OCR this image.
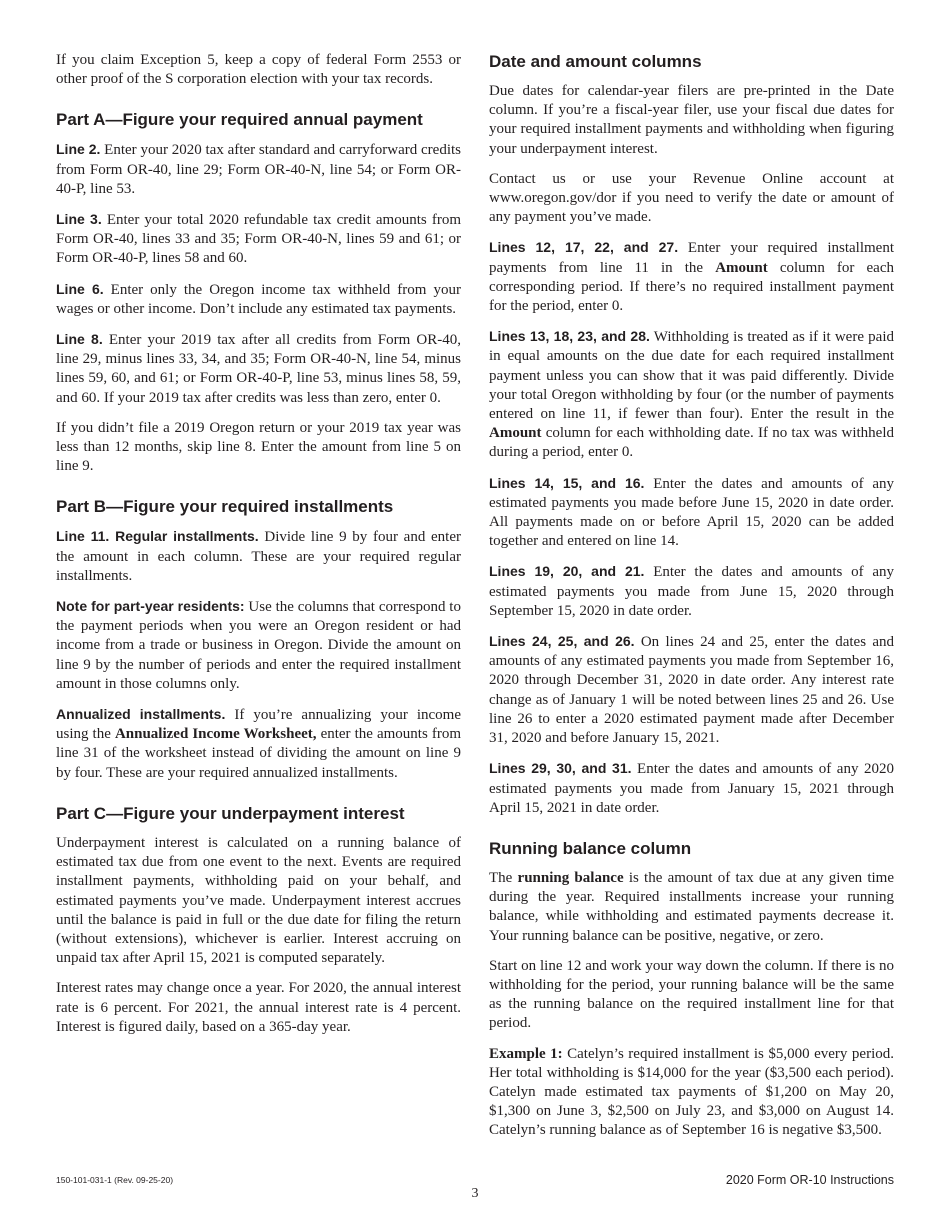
If you claim Exception 5, keep a copy of federal Form 2553 or other proof of the S corporation election with your tax records.

Part A—Figure your required annual payment

Line 2. Enter your 2020 tax after standard and carryforward credits from Form OR-40, line 29; Form OR-40-N, line 54; or Form OR-40-P, line 53.

Line 3. Enter your total 2020 refundable tax credit amounts from Form OR-40, lines 33 and 35; Form OR-40-N, lines 59 and 61; or Form OR-40-P, lines 58 and 60.

Line 6. Enter only the Oregon income tax withheld from your wages or other income. Don’t include any estimated tax payments.

Line 8. Enter your 2019 tax after all credits from Form OR-40, line 29, minus lines 33, 34, and 35; Form OR-40-N, line 54, minus lines 59, 60, and 61; or Form OR-40-P, line 53, minus lines 58, 59, and 60. If your 2019 tax after credits was less than zero, enter 0.

If you didn’t file a 2019 Oregon return or your 2019 tax year was less than 12 months, skip line 8. Enter the amount from line 5 on line 9.

Part B—Figure your required installments

Line 11. Regular installments. Divide line 9 by four and enter the amount in each column. These are your required regular installments.

Note for part-year residents: Use the columns that correspond to the payment periods when you were an Oregon resident or had income from a trade or business in Oregon. Divide the amount on line 9 by the number of periods and enter the required installment amount in those columns only.

Annualized installments. If you’re annualizing your income using the Annualized Income Worksheet, enter the amounts from line 31 of the worksheet instead of dividing the amount on line 9 by four. These are your required annualized installments.

Part C—Figure your underpayment interest

Underpayment interest is calculated on a running balance of estimated tax due from one event to the next. Events are required installment payments, withholding paid on your behalf, and estimated payments you’ve made. Underpayment interest accrues until the balance is paid in full or the due date for filing the return (without extensions), whichever is earlier. Interest accruing on unpaid tax after April 15, 2021 is computed separately.

Interest rates may change once a year. For 2020, the annual interest rate is 6 percent. For 2021, the annual interest rate is 4 percent. Interest is figured daily, based on a 365-day year.

Date and amount columns

Due dates for calendar-year filers are pre-printed in the Date column. If you’re a fiscal-year filer, use your fiscal due dates for your required installment payments and withholding when figuring your underpayment interest.

Contact us or use your Revenue Online account at www.oregon.gov/dor if you need to verify the date or amount of any payment you’ve made.

Lines 12, 17, 22, and 27. Enter your required installment payments from line 11 in the Amount column for each corresponding period. If there’s no required installment payment for the period, enter 0.

Lines 13, 18, 23, and 28. Withholding is treated as if it were paid in equal amounts on the due date for each required installment payment unless you can show that it was paid differently. Divide your total Oregon withholding by four (or the number of payments entered on line 11, if fewer than four). Enter the result in the Amount column for each withholding date. If no tax was withheld during a period, enter 0.

Lines 14, 15, and 16. Enter the dates and amounts of any estimated payments you made before June 15, 2020 in date order. All payments made on or before April 15, 2020 can be added together and entered on line 14.

Lines 19, 20, and 21. Enter the dates and amounts of any estimated payments you made from June 15, 2020 through September 15, 2020 in date order.

Lines 24, 25, and 26. On lines 24 and 25, enter the dates and amounts of any estimated payments you made from September 16, 2020 through December 31, 2020 in date order. Any interest rate change as of January 1 will be noted between lines 25 and 26. Use line 26 to enter a 2020 estimated payment made after December 31, 2020 and before January 15, 2021.

Lines 29, 30, and 31. Enter the dates and amounts of any 2020 estimated payments you made from January 15, 2021 through April 15, 2021 in date order.

Running balance column

The running balance is the amount of tax due at any given time during the year. Required installments increase your running balance, while withholding and estimated payments decrease it. Your running balance can be positive, negative, or zero.

Start on line 12 and work your way down the column. If there is no withholding for the period, your running balance will be the same as the running balance on the required installment line for that period.

Example 1: Catelyn’s required installment is $5,000 every period. Her total withholding is $14,000 for the year ($3,500 each period). Catelyn made estimated tax payments of $1,200 on May 20, $1,300 on June 3, $2,500 on July 23, and $3,000 on August 14. Catelyn’s running balance as of September 16 is negative $3,500.

150-101-031-1 (Rev. 09-25-20)
3
2020 Form OR-10 Instructions
